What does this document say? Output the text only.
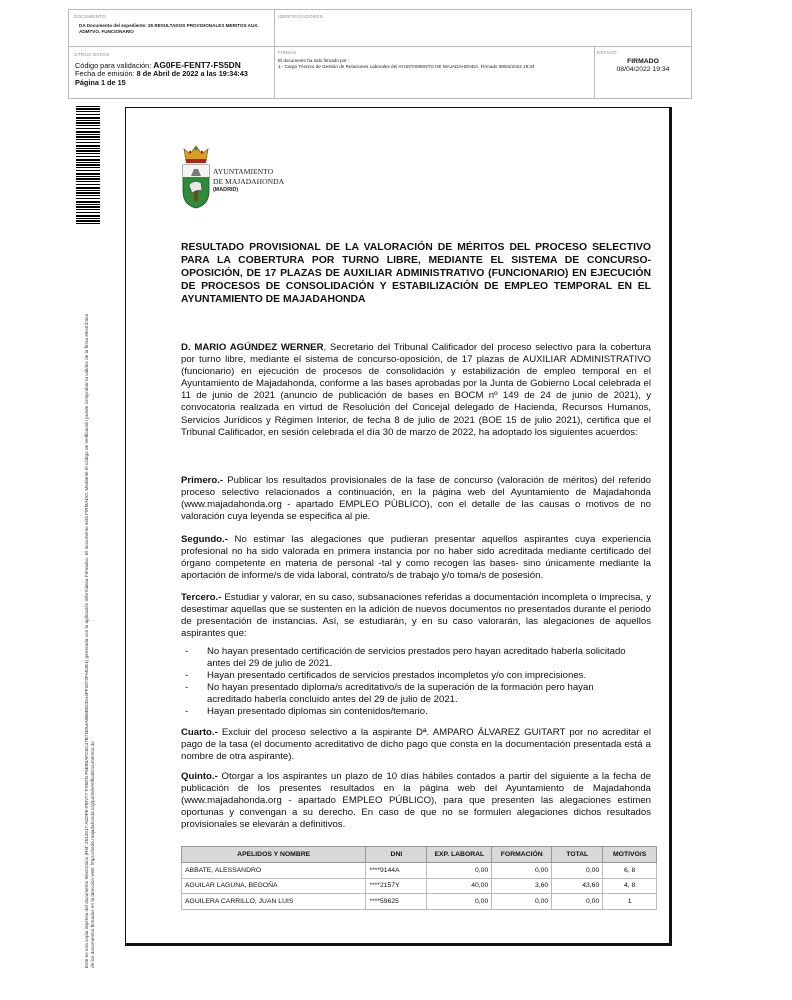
DOCUMENTO
DA Documento del expediente: 26 RESULTADOS PROVISIONALES MERITOS AUX. ADMTVO. FUNCIONARIO
IDENTIFICADORES
OTROS DATOS
Código para validación: AG0FE-FENT7-FS5DN
Fecha de emisión: 8 de Abril de 2022 a las 19:34:43
Página 1 de 15
FIRMAS
El documento ha sido firmado por :
1.- Cargo Técnico de Gestión de Relaciones Laborales del AYUNTAMIENTO DE MAJADAHONDA. Firmado 08/04/2022 19:34
ESTADO
FIRMADO
08/04/2022 19:34
Este es una copia impresa del documento electrónico (Ref: 2513017 AG0FE-FENT7-FS5DN F5E88AFC6C47B71E54A5B6EE0DA4FF2972FA52E1) generada con la aplicación informática Firmadoc. El documento está FIRMADO. Mediante el código de verificación puede comprobar la validez de la firma electrónica de los documentos firmados en la dirección web: https://sede.majadahonda.org/portal/verificaDocumentos.do
AYUNTAMIENTO
DE MAJADAHONDA
(MADRID)
RESULTADO PROVISIONAL DE LA VALORACIÓN DE MÉRITOS DEL PROCESO SELECTIVO PARA LA COBERTURA POR TURNO LIBRE, MEDIANTE EL SISTEMA DE CONCURSO-OPOSICIÓN, DE 17 PLAZAS DE AUXILIAR ADMINISTRATIVO (FUNCIONARIO) EN EJECUCIÓN DE PROCESOS DE CONSOLIDACIÓN Y ESTABILIZACIÓN DE EMPLEO TEMPORAL EN EL AYUNTAMIENTO DE MAJADAHONDA
D. MARIO AGÚNDEZ WERNER, Secretario del Tribunal Calificador del proceso selectivo para la cobertura por turno libre, mediante el sistema de concurso-oposición, de 17 plazas de AUXILIAR ADMINISTRATIVO (funcionario) en ejecución de procesos de consolidación y estabilización de empleo temporal en el Ayuntamiento de Majadahonda, conforme a las bases aprobadas por la Junta de Gobierno Local celebrada el 11 de junio de 2021 (anuncio de publicación de bases en BOCM nº 149 de 24 de junio de 2021), y convocatoria realizada en virtud de Resolución del Concejal delegado de Hacienda, Recursos Humanos, Servicios Jurídicos y Régimen Interior, de fecha 8 de julio de 2021 (BOE 15 de julio 2021), certifica que el Tribunal Calificador, en sesión celebrada el día 30 de marzo de 2022, ha adoptado los siguientes acuerdos:
Primero.- Publicar los resultados provisionales de la fase de concurso (valoración de méritos) del referido proceso selectivo relacionados a continuación, en la página web del Ayuntamiento de Majadahonda (www.majadahonda.org - apartado EMPLEO PÚBLICO), con el detalle de las causas o motivos de no valoración cuya leyenda se especifica al pie.
Segundo.- No estimar las alegaciones que pudieran presentar aquellos aspirantes cuya experiencia profesional no ha sido valorada en primera instancia por no haber sido acreditada mediante certificado del órgano competente en materia de personal -tal y como recogen las bases- sino únicamente mediante la aportación de informe/s de vida laboral, contrato/s de trabajo y/o toma/s de posesión.
Tercero.- Estudiar y valorar, en su caso, subsanaciones referidas a documentación incompleta o imprecisa, y desestimar aquellas que se sustenten en la adición de nuevos documentos no presentados durante el periodo de presentación de instancias. Así, se estudiarán, y en su caso valorarán, las alegaciones de aquellos aspirantes que:
- No hayan presentado certificación de servicios prestados pero hayan acreditado haberla solicitado antes del 29 de julio de 2021.
- Hayan presentado certificados de servicios prestados incompletos y/o con imprecisiones.
- No hayan presentado diploma/s acreditativo/s de la superación de la formación pero hayan acreditado haberla concluido antes del 29 de julio de 2021.
- Hayan presentado diplomas sin contenidos/temario.
Cuarto.- Excluir del proceso selectivo a la aspirante Dª. AMPARO ÁLVAREZ GUITART por no acreditar el pago de la tasa (el documento acreditativo de dicho pago que consta en la documentación presentada está a nombre de otra aspirante).
Quinto.- Otorgar a los aspirantes un plazo de 10 días hábiles contados a partir del siguiente a la fecha de publicación de los presentes resultados en la página web del Ayuntamiento de Majadahonda (www.majadahonda.org - apartado EMPLEO PÚBLICO), para que presenten las alegaciones estimen oportunas y convengan a su derecho. En caso de que no se formulen alegaciones dichos resultados provisionales se elevarán a definitivos.
APELIDOS Y NOMBRE	DNI	EXP. LABORAL	FORMACIÓN	TOTAL	MOTIVO/S
ABBATE, ALESSANDRO	****9144A	0,00	0,00	0,00	6, 8
AGUILAR LAGUNA, BEGOÑA	****2157Y	40,00	3,60	43,60	4, 8
AGUILERA CARRILLO, JUAN LUIS	****59625	0,00	0,00	0,00	1
